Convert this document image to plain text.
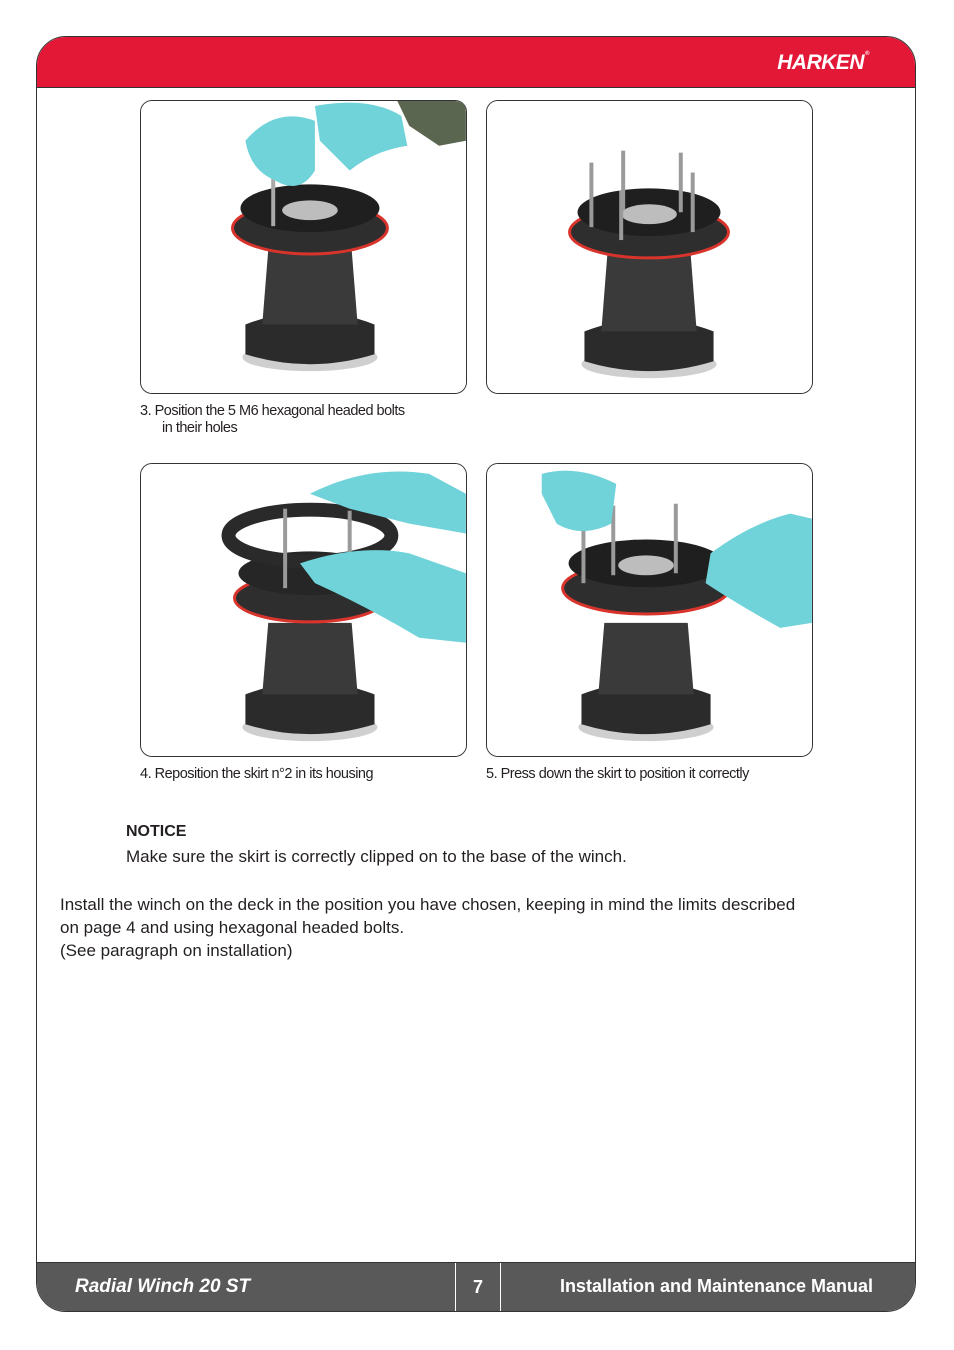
HARKEN®
Radial Winch 20 ST	7	Installation and Maintenance Manual
3. Position the 5 M6 hexagonal headed bolts
in their holes
4. Reposition the skirt n°2 in its housing	5. Press down the skirt to position it correctly
NOTICE
Make sure the skirt is correctly clipped on to the base of the winch.
Install the winch on the deck in the position you have chosen, keeping in mind the limits described
on page 4 and using hexagonal headed bolts.
(See paragraph on installation)
